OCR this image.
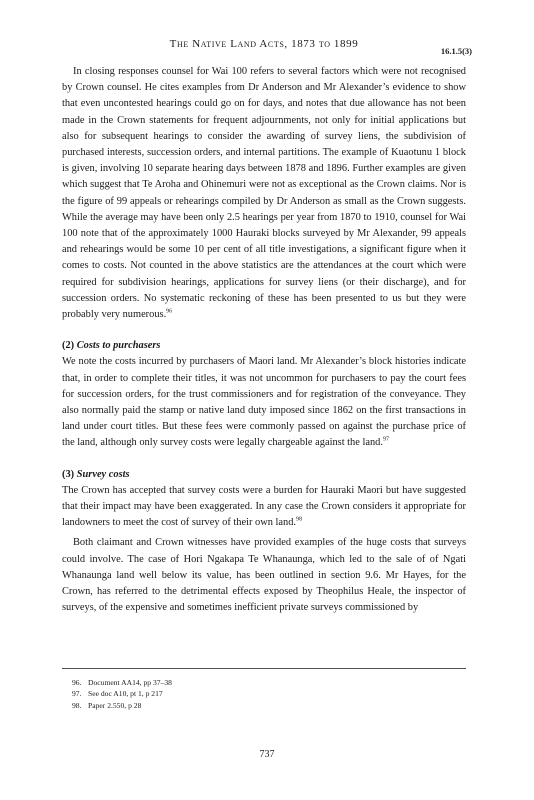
The Native Land Acts, 1873 to 1899
16.1.5(3)

In closing responses counsel for Wai 100 refers to several factors which were not recognised by Crown counsel. He cites examples from Dr Anderson and Mr Alexander’s evidence to show that even uncontested hearings could go on for days, and notes that due allowance has not been made in the Crown statements for frequent adjournments, not only for initial applications but also for subsequent hearings to consider the awarding of survey liens, the subdivision of purchased interests, succession orders, and internal partitions. The example of Kuaotunu 1 block is given, involving 10 separate hearing days between 1878 and 1896. Further examples are given which suggest that Te Aroha and Ohinemuri were not as exceptional as the Crown claims. Nor is the figure of 99 appeals or rehearings compiled by Dr Anderson as small as the Crown suggests. While the average may have been only 2.5 hearings per year from 1870 to 1910, counsel for Wai 100 note that of the approximately 1000 Hauraki blocks surveyed by Mr Alexander, 99 appeals and rehearings would be some 10 per cent of all title investigations, a significant figure when it comes to costs. Not counted in the above statistics are the attendances at the court which were required for subdivision hearings, applications for survey liens (or their discharge), and for succession orders. No systematic reckoning of these has been presented to us but they were probably very numerous.$^{96}$

(2) Costs to purchasers

We note the costs incurred by purchasers of Maori land. Mr Alexander’s block histories indicate that, in order to complete their titles, it was not uncommon for purchasers to pay the court fees for succession orders, for the trust commissioners and for registration of the conveyance. They also normally paid the stamp or native land duty imposed since 1862 on the first transactions in land under court titles. But these fees were commonly passed on against the purchase price of the land, although only survey costs were legally chargeable against the land.$^{97}$

(3) Survey costs

The Crown has accepted that survey costs were a burden for Hauraki Maori but have suggested that their impact may have been exaggerated. In any case the Crown considers it appropriate for landowners to meet the cost of survey of their own land.$^{98}$

Both claimant and Crown witnesses have provided examples of the huge costs that surveys could involve. The case of Hori Ngakapa Te Whanaunga, which led to the sale of of Ngati Whanaunga land well below its value, has been outlined in section 9.6. Mr Hayes, for the Crown, has referred to the detrimental effects exposed by Theophilus Heale, the inspector of surveys, of the expensive and sometimes inefficient private surveys commissioned by

96. Document AA14, pp 37–38
97. See doc A10, pt 1, p 217
98. Paper 2.550, p 28
737
